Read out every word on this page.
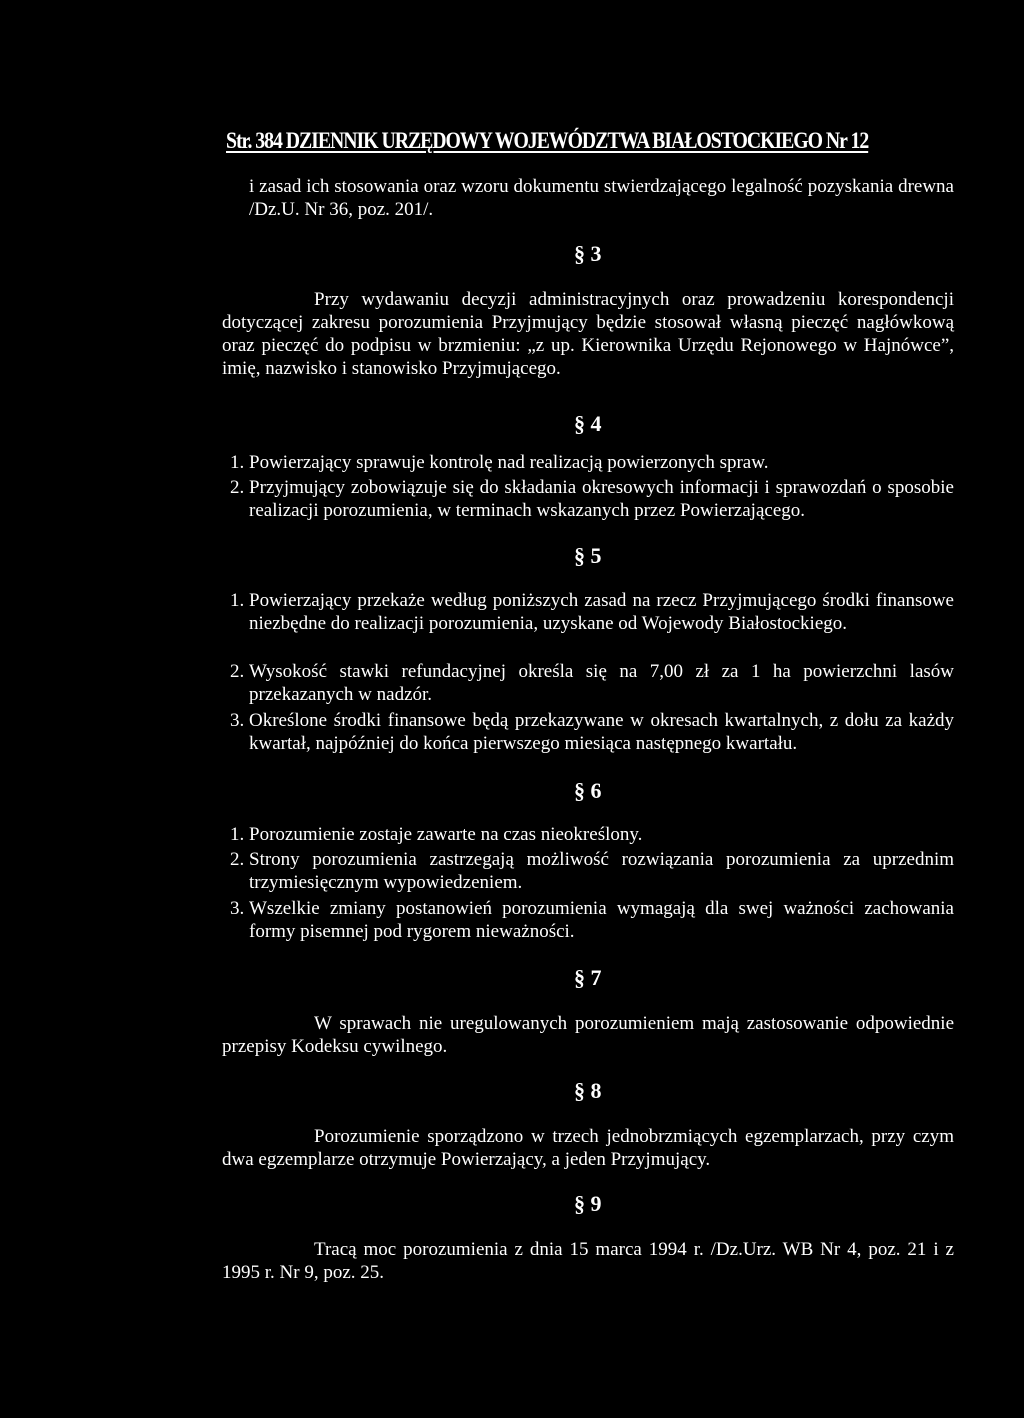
Str. 384 DZIENNIK URZĘDOWY WOJEWÓDZTWA BIAŁOSTOCKIEGO Nr 12

i zasad ich stosowania oraz wzoru dokumentu stwierdzającego legalność pozyskania drewna /Dz.U. Nr 36, poz. 201/.

§ 3
Przy wydawaniu decyzji administracyjnych oraz prowadzeniu korespondencji dotyczącej zakresu porozumienia Przyjmujący będzie stosował własną pieczęć nagłówkową oraz pieczęć do podpisu w brzmieniu: „z up. Kierownika Urzędu Rejonowego w Hajnówce”, imię, nazwisko i stanowisko Przyjmującego.
§ 4
1. Powierzający sprawuje kontrolę nad realizacją powierzonych spraw.
2. Przyjmujący zobowiązuje się do składania okresowych informacji i sprawozdań o sposobie realizacji porozumienia, w terminach wskazanych przez Powierzającego.
§ 5
1. Powierzający przekaże według poniższych zasad na rzecz Przyjmującego środki finansowe niezbędne do realizacji porozumienia, uzyskane od Wojewody Białostockiego.
2. Wysokość stawki refundacyjnej określa się na 7,00 zł za 1 ha powierzchni lasów przekazanych w nadzór.
3. Określone środki finansowe będą przekazywane w okresach kwartalnych, z dołu za każdy kwartał, najpóźniej do końca pierwszego miesiąca następnego kwartału.
§ 6
1. Porozumienie zostaje zawarte na czas nieokreślony.
2. Strony porozumienia zastrzegają możliwość rozwiązania porozumienia za uprzednim trzymiesięcznym wypowiedzeniem.
3. Wszelkie zmiany postanowień porozumienia wymagają dla swej ważności zachowania formy pisemnej pod rygorem nieważności.
§ 7
W sprawach nie uregulowanych porozumieniem mają zastosowanie odpowiednie przepisy Kodeksu cywilnego.
§ 8
Porozumienie sporządzono w trzech jednobrzmiących egzemplarzach, przy czym dwa egzemplarze otrzymuje Powierzający, a jeden Przyjmujący.
§ 9
Tracą moc porozumienia z dnia 15 marca 1994 r. /Dz.Urz. WB Nr 4, poz. 21 i z 1995 r. Nr 9, poz. 25.
